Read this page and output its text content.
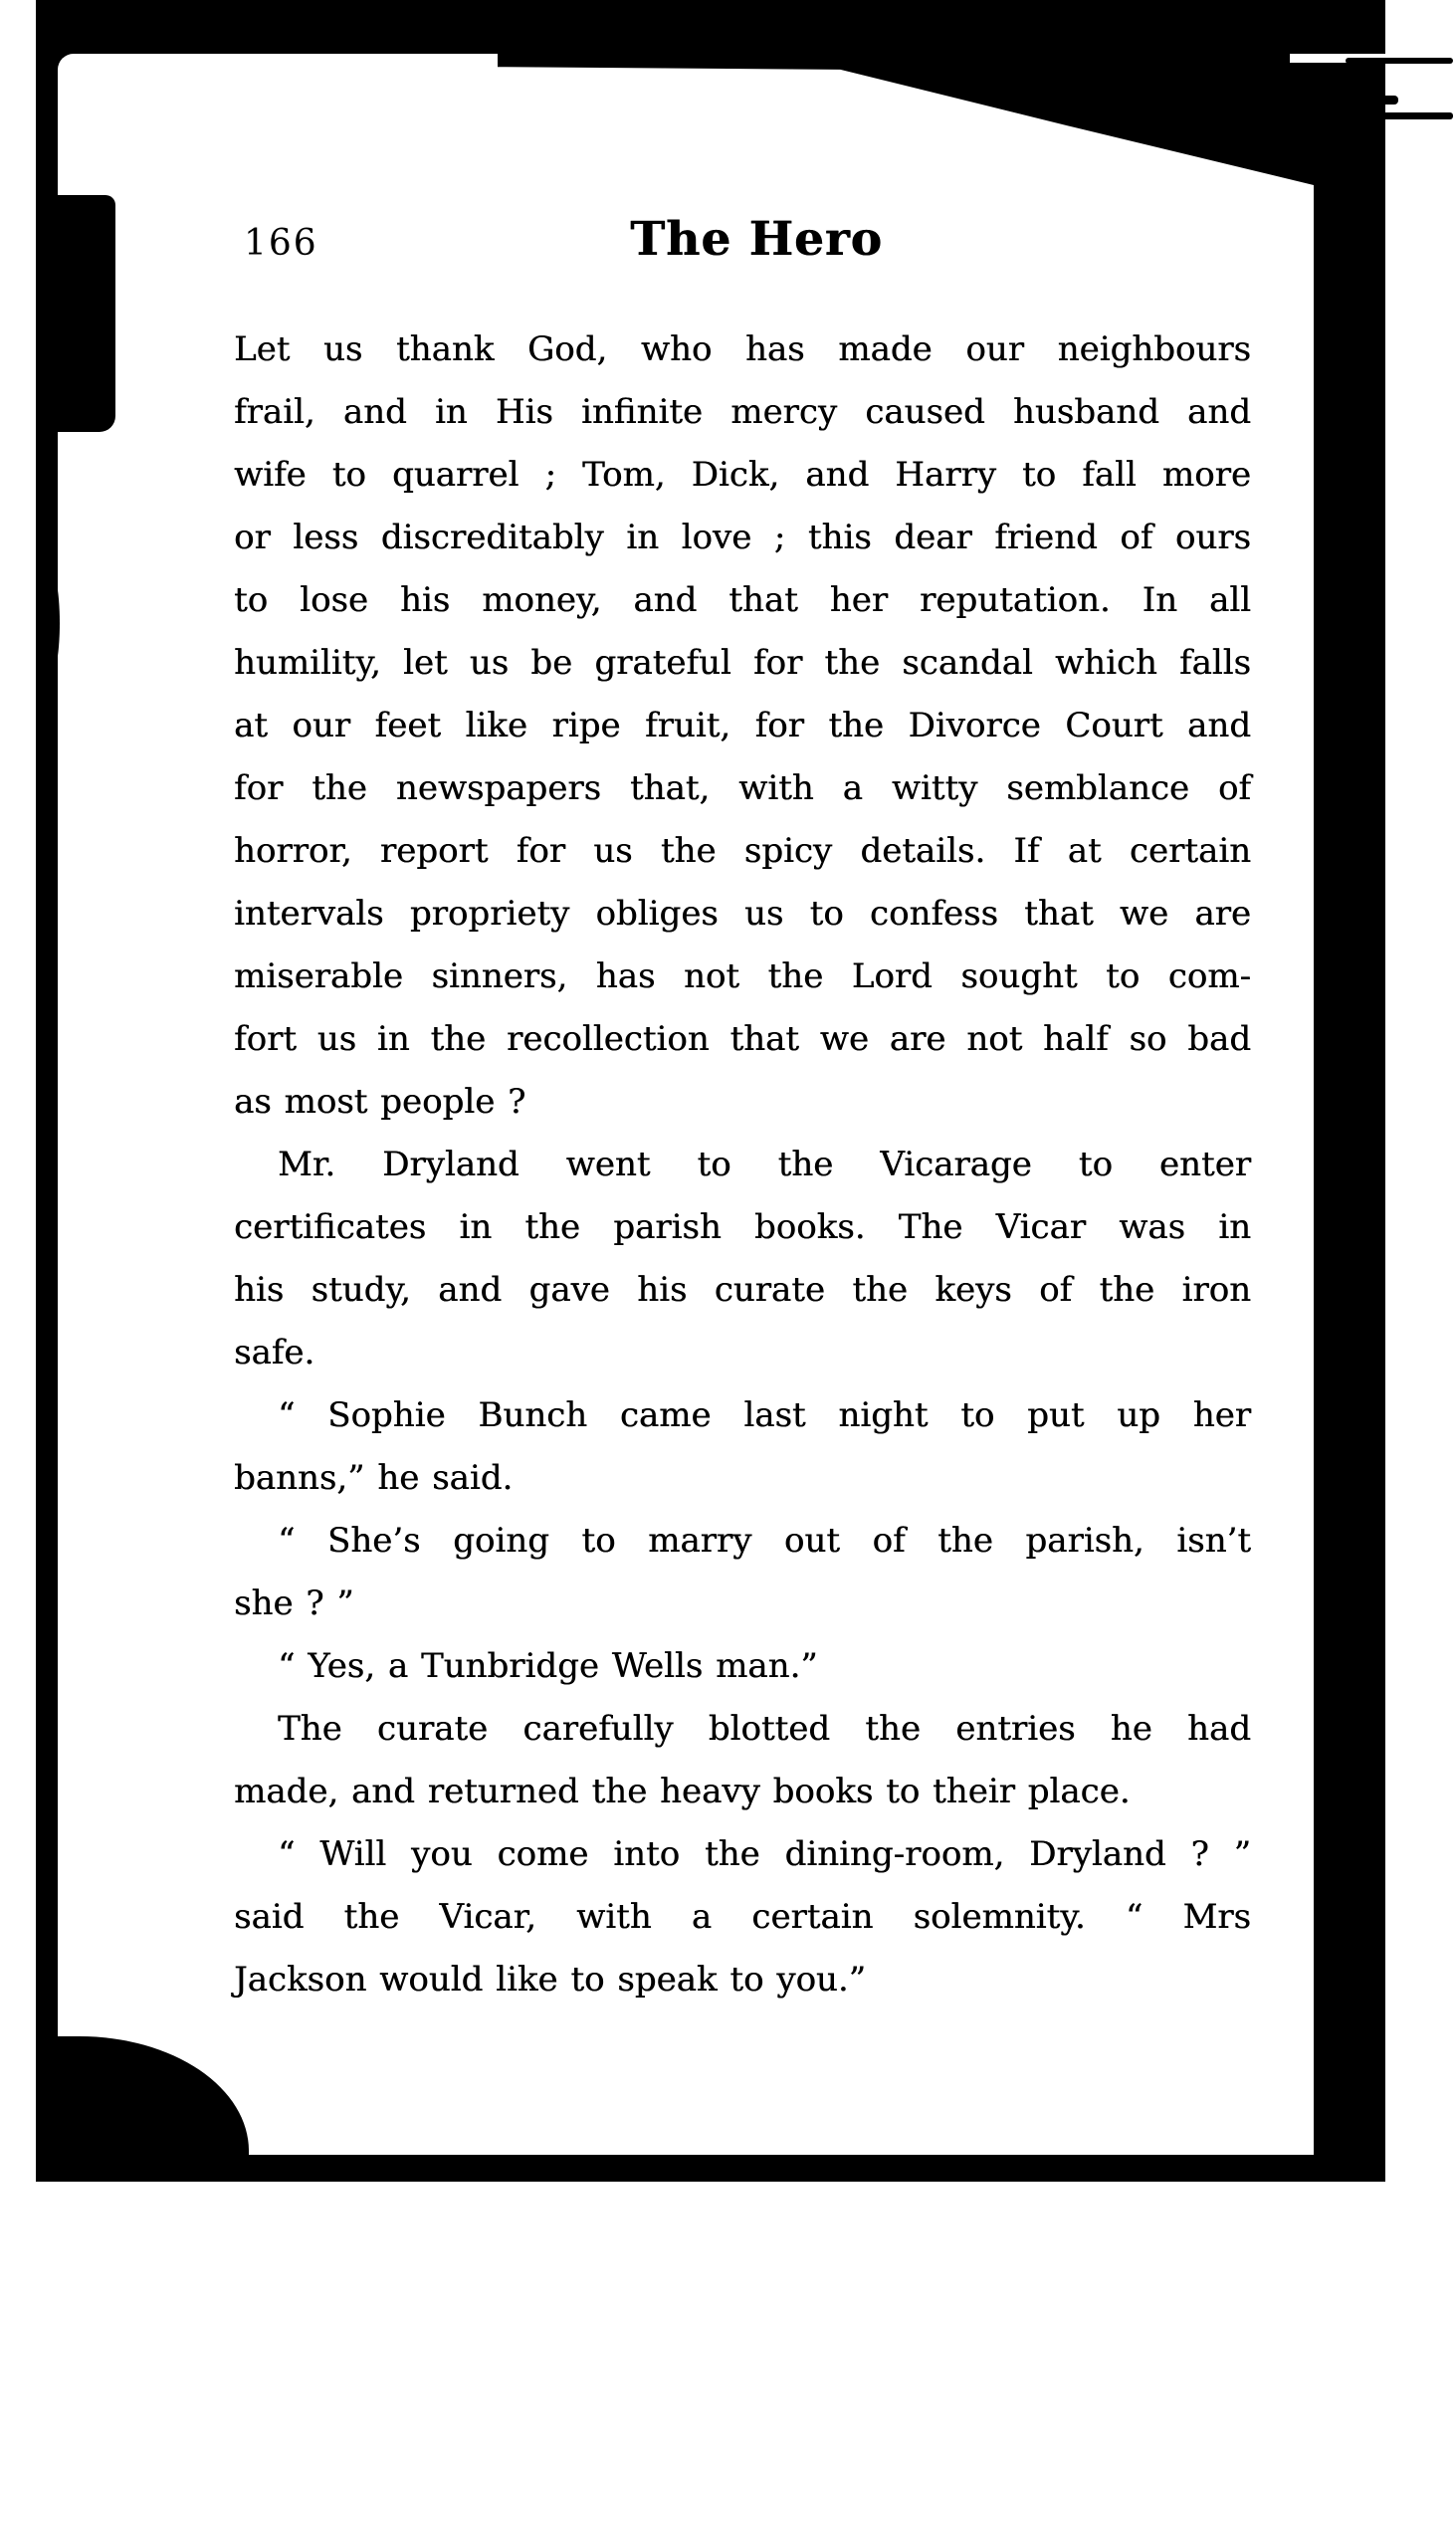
166	The Hero
Let us thank God, who has made our neighbours
frail, and in His infinite mercy caused husband and
wife to quarrel ; Tom, Dick, and Harry to fall more
or less discreditably in love ; this dear friend of ours
to lose his money, and that her reputation. In all
humility, let us be grateful for the scandal which falls
at our feet like ripe fruit, for the Divorce Court and
for the newspapers that, with a witty semblance of
horror, report for us the spicy details. If at certain
intervals propriety obliges us to confess that we are
miserable sinners, has not the Lord sought to com-
fort us in the recollection that we are not half so bad
as most people ?
Mr. Dryland went to the Vicarage to enter
certificates in the parish books. The Vicar was in
his study, and gave his curate the keys of the iron
safe.
“ Sophie Bunch came last night to put up her
banns,” he said.
“ She’s going to marry out of the parish, isn’t
she ? ”
“ Yes, a Tunbridge Wells man.”
The curate carefully blotted the entries he had
made, and returned the heavy books to their place.
“ Will you come into the dining-room, Dryland ? ”
said the Vicar, with a certain solemnity. “ Mrs
Jackson would like to speak to you.”
